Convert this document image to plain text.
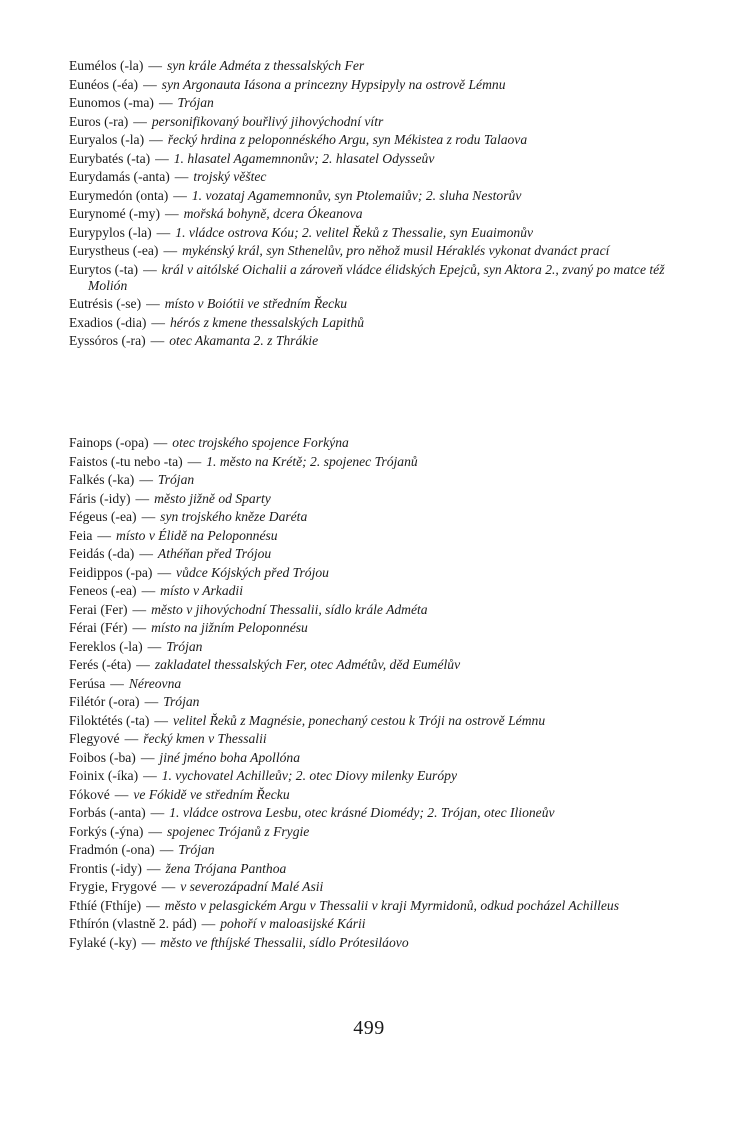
Eumélos (-la) — syn krále Adméta z thessalských Fer
Eunéos (-éa) — syn Argonauta Iásona a princezny Hypsipyly na ostrově Lémnu
Eunomos (-ma) — Trójan
Euros (-ra) — personifikovaný bouřlivý jihovýchodní vítr
Euryalos (-la) — řecký hrdina z peloponnéského Argu, syn Mékistea z rodu Talaova
Eurybatés (-ta) — 1. hlasatel Agamemnonův; 2. hlasatel Odysseův
Eurydamás (-anta) — trojský věštec
Eurymedón (onta) — 1. vozataj Agamemnonův, syn Ptolemaiův; 2. sluha Nestorův
Eurynomé (-my) — mořská bohyně, dcera Ókeanova
Eurypylos (-la) — 1. vládce ostrova Kóu; 2. velitel Řeků z Thessalie, syn Euaimonův
Eurystheus (-ea) — mykénský král, syn Sthenelův, pro něhož musil Héraklés vykonat dvanáct prací
Eurytos (-ta) — král v aitólské Oichalii a zároveň vládce élidských Epejců, syn Aktora 2., zvaný po matce též Molión
Eutrésis (-se) — místo v Boiótii ve středním Řecku
Exadios (-dia) — hérós z kmene thessalských Lapithů
Eyssóros (-ra) — otec Akamanta 2. z Thrákie
Fainops (-opa) — otec trojského spojence Forkýna
Faistos (-tu nebo -ta) — 1. město na Krétě; 2. spojenec Trójanů
Falkés (-ka) — Trójan
Fáris (-idy) — město jižně od Sparty
Fégeus (-ea) — syn trojského kněze Daréta
Feia — místo v Élidě na Peloponnésu
Feidás (-da) — Athéňan před Trójou
Feidippos (-pa) — vůdce Kójských před Trójou
Feneos (-ea) — místo v Arkadii
Ferai (Fer) — město v jihovýchodní Thessalii, sídlo krále Adméta
Férai (Fér) — místo na jižním Peloponnésu
Fereklos (-la) — Trójan
Ferés (-éta) — zakladatel thessalských Fer, otec Admétův, děd Eumélův
Ferúsa — Néreovna
Filétór (-ora) — Trójan
Filoktétés (-ta) — velitel Řeků z Magnésie, ponechaný cestou k Tróji na ostrově Lémnu
Flegyové — řecký kmen v Thessalii
Foibos (-ba) — jiné jméno boha Apollóna
Foinix (-íka) — 1. vychovatel Achilleův; 2. otec Diovy milenky Európy
Fókové — ve Fókidě ve středním Řecku
Forbás (-anta) — 1. vládce ostrova Lesbu, otec krásné Diomédy; 2. Trójan, otec Ilioneův
Forkýs (-ýna) — spojenec Trójanů z Frygie
Fradmón (-ona) — Trójan
Frontis (-idy) — žena Trójana Panthoa
Frygie, Frygové — v severozápadní Malé Asii
Fthíé (Fthíje) — město v pelasgickém Argu v Thessalii v kraji Myrmidonů, odkud pocházel Achilleus
Fthírón (vlastně 2. pád) — pohoří v maloasijské Kárii
Fylaké (-ky) — město ve fthíjské Thessalii, sídlo Prótesiláovo
499
